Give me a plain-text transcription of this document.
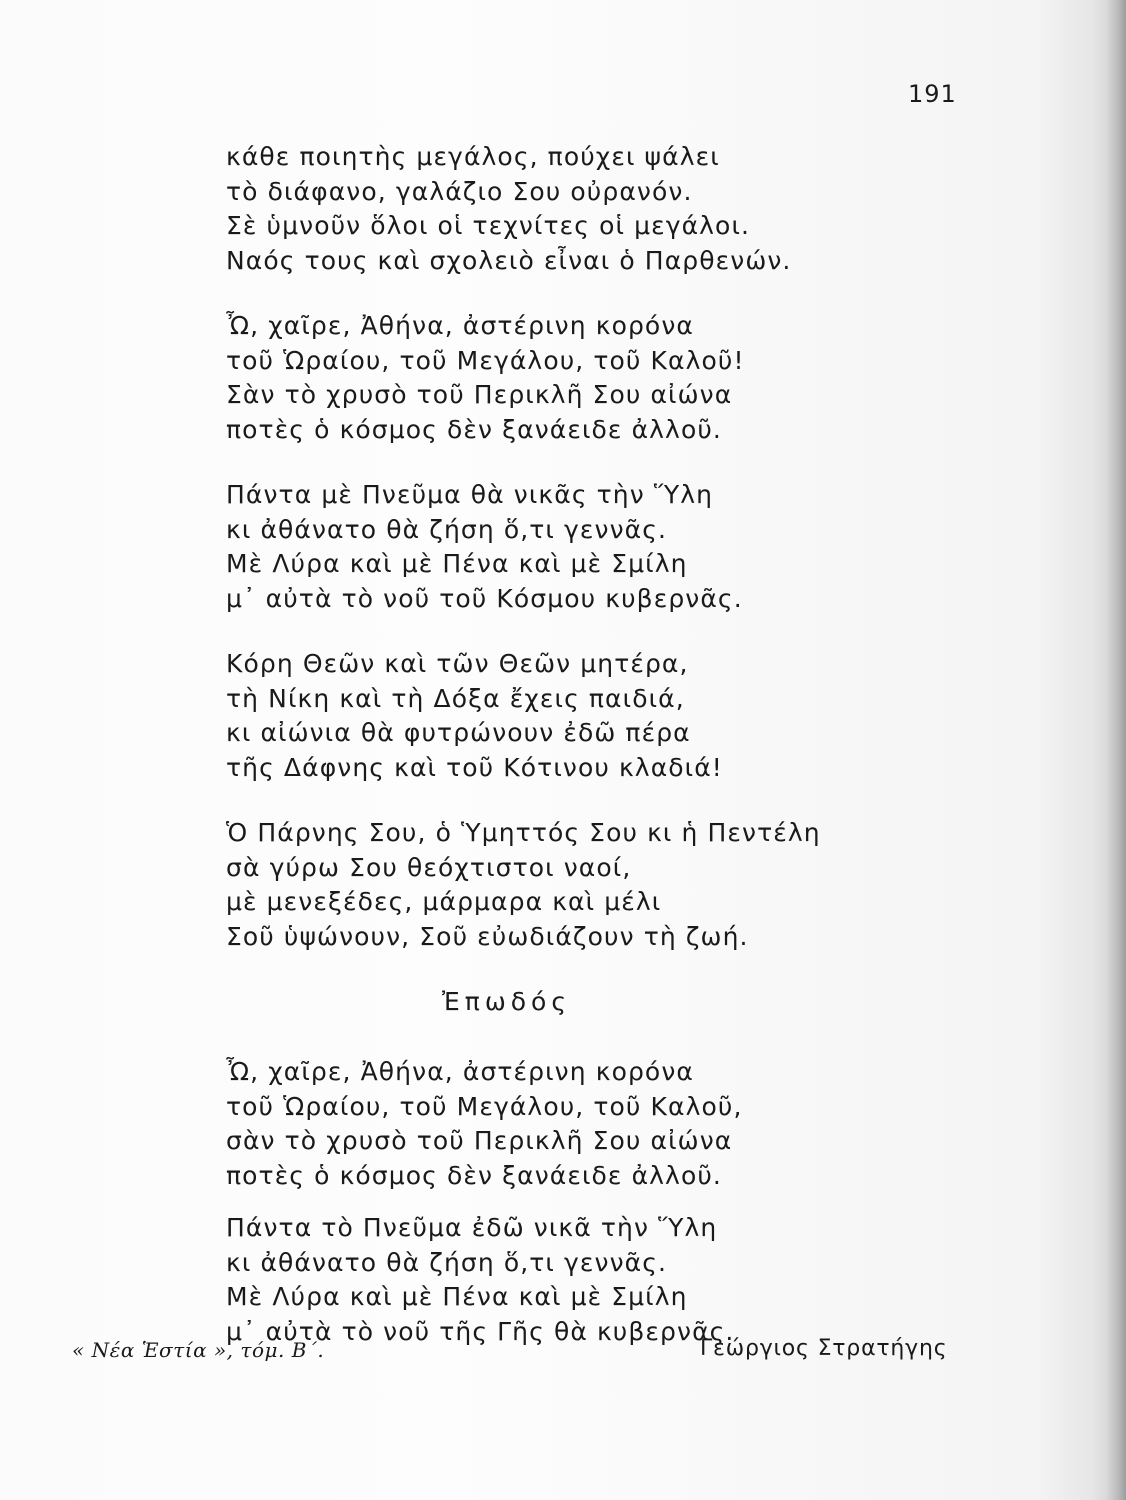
191
κάθε ποιητὴς μεγάλος, πούχει ψάλει
τὸ διάφανο, γαλάζιο Σου οὐρανόν.
Σὲ ὑμνοῦν ὅλοι οἱ τεχνίτες οἱ μεγάλοι.
Ναός τους καὶ σχολειὸ εἶναι ὁ Παρθενών.
Ὦ, χαῖρε, Ἀθήνα, ἀστέρινη κορόνα
τοῦ Ὡραίου, τοῦ Μεγάλου, τοῦ Καλοῦ!
Σὰν τὸ χρυσὸ τοῦ Περικλῆ Σου αἰώνα
ποτὲς ὁ κόσμος δὲν ξανάειδε ἀλλοῦ.
Πάντα μὲ Πνεῦμα θὰ νικᾶς τὴν Ὕλη
κι ἀθάνατο θὰ ζήση ὅ,τι γεννᾶς.
Μὲ Λύρα καὶ μὲ Πένα καὶ μὲ Σμίλη
μ᾿ αὐτὰ τὸ νοῦ τοῦ Κόσμου κυβερνᾶς.
Κόρη Θεῶν καὶ τῶν Θεῶν μητέρα,
τὴ Νίκη καὶ τὴ Δόξα ἔχεις παιδιά,
κι αἰώνια θὰ φυτρώνουν ἐδῶ πέρα
τῆς Δάφνης καὶ τοῦ Κότινου κλαδιά!
Ὁ Πάρνης Σου, ὁ Ὑμηττός Σου κι ἡ Πεντέλη
σὰ γύρω Σου θεόχτιστοι ναοί,
μὲ μενεξέδες, μάρμαρα καὶ μέλι
Σοῦ ὑψώνουν, Σοῦ εὐωδιάζουν τὴ ζωή.
Ἐπωδός
Ὦ, χαῖρε, Ἀθήνα, ἀστέρινη κορόνα
τοῦ Ὡραίου, τοῦ Μεγάλου, τοῦ Καλοῦ,
σὰν τὸ χρυσὸ τοῦ Περικλῆ Σου αἰώνα
ποτὲς ὁ κόσμος δὲν ξανάειδε ἀλλοῦ.
Πάντα τὸ Πνεῦμα ἐδῶ νικᾶ τὴν Ὕλη
κι ἀθάνατο θὰ ζήση ὅ,τι γεννᾶς.
Μὲ Λύρα καὶ μὲ Πένα καὶ μὲ Σμίλη
μ᾿ αὐτὰ τὸ νοῦ τῆς Γῆς θὰ κυβερνᾶς.
« Νέα Ἑστία », τόμ. Β΄.	Γεώργιος Στρατήγης
